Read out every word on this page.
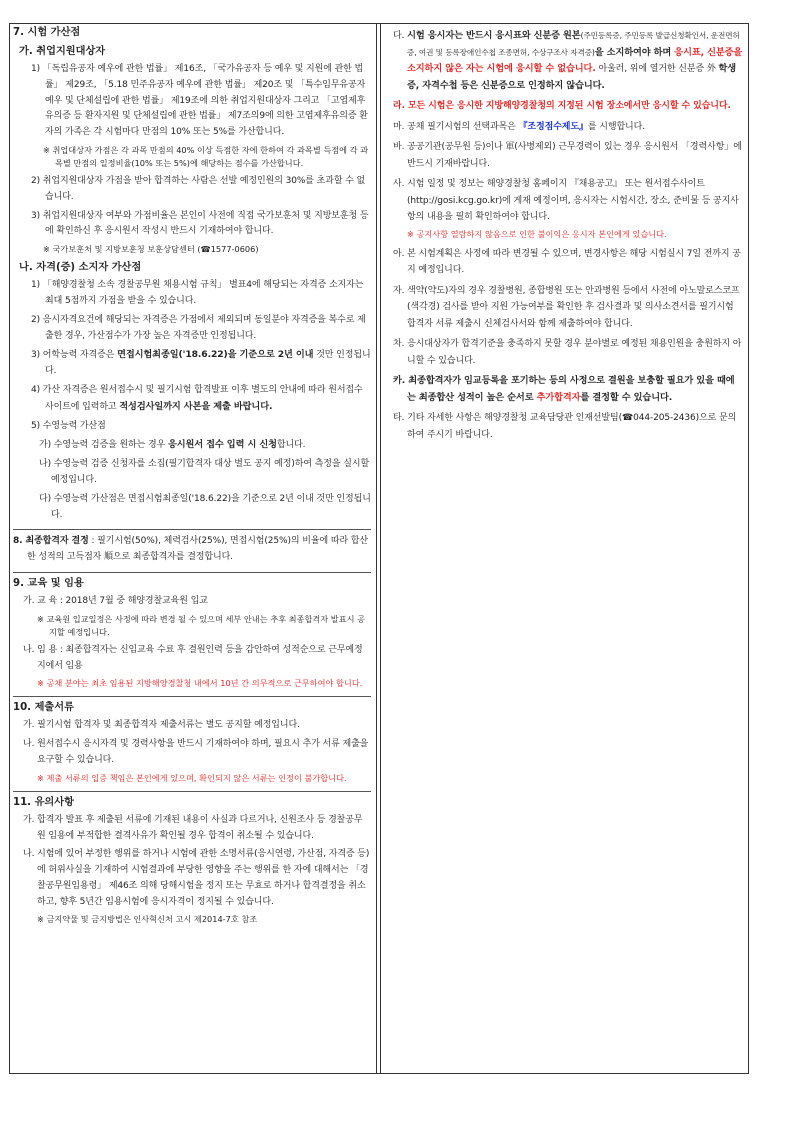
7. 시험 가산점
가. 취업지원대상자

1) 「독립유공자 예우에 관한 법률」 제16조, 「국가유공자 등 예우 및 지원에 관한 법률」 제29조, 「5.18 민주유공자 예우에 관한 법률」 제20조 및 「특수임무유공자 예우 및 단체설립에 관한 법률」 제19조에 의한 취업지원대상자 그리고 「고엽제후유의증 등 환자지원 및 단체설립에 관한 법률」 제7조의9에 의한 고엽제후유의증 환자의 가족은 각 시험마다 만점의 10% 또는 5%를 가산합니다.

※ 취업대상자 가점은 각 과목 만점의 40% 이상 득점한 자에 한하여 각 과목별 득점에 각 과목별 만점의 일정비율(10% 또는 5%)에 해당하는 점수를 가산합니다.

2) 취업지원대상자 가점을 받아 합격하는 사람은 선발 예정인원의 30%를 초과할 수 없습니다.

3) 취업지원대상자 여부와 가점비율은 본인이 사전에 직접 국가보훈처 및 지방보훈청 등에 확인하신 후 응시원서 작성시 반드시 기재하여야 합니다.

※ 국가보훈처 및 지방보훈청 보훈상담센터 (☎1577-0606)

나. 자격(증) 소지자 가산점

1) 「해양경찰청 소속 경찰공무원 채용시험 규칙」 별표4에 해당되는 자격증 소지자는 최대 5점까지 가점을 받을 수 있습니다.

2) 응시자격요건에 해당되는 자격증은 가점에서 제외되며 동일분야 자격증을 복수로 제출한 경우, 가산점수가 가장 높은 자격증만 인정됩니다.

3) 어학능력 자격증은 면접시험최종일('18.6.22)을 기준으로 2년 이내 것만 인정됩니다.

4) 가산 자격증은 원서접수시 및 필기시험 합격발표 이후 별도의 안내에 따라 원서접수사이트에 입력하고 적성검사일까지 사본을 제출 바랍니다.

5) 수영능력 가산점

가) 수영능력 검증을 원하는 경우 응시원서 접수 입력 시 신청합니다.

나) 수영능력 검증 신청자를 소집(필기합격자 대상 별도 공지 예정)하여 측정을 실시할 예정입니다.

다) 수영능력 가산점은 면접시험최종일('18.6.22)을 기준으로 2년 이내 것만 인정됩니다.

8. 최종합격자 결정 : 필기시험(50%), 체력검사(25%), 면접시험(25%)의 비율에 따라 합산한 성적의 고득점자 順으로 최종합격자를 결정합니다.

9. 교육 및 임용

가. 교 육 : 2018년 7월 중 해양경찰교육원 입교

※ 교육원 입교일정은 사정에 따라 변경 될 수 있으며 세부 안내는 추후 최종합격자 발표시 공지할 예정입니다.

나. 임 용 : 최종합격자는 신임교육 수료 후 결원인력 등을 감안하여 성적순으로 근무예정지에서 임용

※ 공채 분야는 최초 임용된 지방해양경찰청 내에서 10년 간 의무적으로 근무하여야 합니다.

10. 제출서류

가. 필기시험 합격자 및 최종합격자 제출서류는 별도 공지할 예정입니다.

나. 원서접수시 응시자격 및 경력사항을 반드시 기재하여야 하며, 필요시 추가 서류 제출을 요구할 수 있습니다.

※ 제출 서류의 입증 책임은 본인에게 있으며, 확인되지 않은 서류는 인정이 불가합니다.

11. 유의사항

가. 합격자 발표 후 제출된 서류에 기재된 내용이 사실과 다르거나, 신원조사 등 경찰공무원 임용에 부적합한 결격사유가 확인될 경우 합격이 취소될 수 있습니다.

나. 시험에 있어 부정한 행위를 하거나 시험에 관한 소명서류(응시연령, 가산점, 자격증 등)에 허위사실을 기재하여 시험결과에 부당한 영향을 주는 행위를 한 자에 대해서는 「경찰공무원임용령」 제46조 의해 당해시험을 정지 또는 무효로 하거나 합격결정을 취소하고, 향후 5년간 임용시험에 응시자격이 정지될 수 있습니다.

※ 금지약물 및 금지방법은 인사혁신처 고시 제2014-7호 참조

다. 시험 응시자는 반드시 응시표와 신분증 원본(주민등록증, 주민등록 발급신청확인서, 운전면허증, 여권 및 등록장애인수첩 조종면허, 수상구조사 자격증)을 소지하여야 하며 응시표, 신분증을 소지하지 않은 자는 시험에 응시할 수 없습니다. 아울러, 위에 열거한 신분증 外 학생증, 자격수첩 등은 신분증으로 인정하지 않습니다.

라. 모든 시험은 응시한 지방해양경찰청의 지정된 시험 장소에서만 응시할 수 있습니다.

마. 공채 필기시험의 선택과목은 『조정점수제도』를 시행합니다.

바. 공공기관(공무원 등)이나 軍(사병제외) 근무경력이 있는 경우 응시원서 「경력사항」에 반드시 기재바랍니다.

사. 시험 일정 및 정보는 해양경찰청 홈페이지 『채용공고』 또는 원서접수사이트(http://gosi.kcg.go.kr)에 게재 예정이며, 응시자는 시험시간, 장소, 준비물 등 공지사항의 내용을 필히 확인하여야 합니다.

※ 공지사항 열람하지 않음으로 인한 불이익은 응시자 본인에게 있습니다.

아. 본 시험계획은 사정에 따라 변경될 수 있으며, 변경사항은 해당 시험실시 7일 전까지 공지 예정입니다.

자. 색약(약도)자의 경우 경찰병원, 종합병원 또는 안과병원 등에서 사전에 아노말로스코프(색각경) 검사를 받아 지원 가능여부를 확인한 후 검사결과 및 의사소견서를 필기시험 합격자 서류 제출시 신체검사서와 함께 제출하여야 합니다.

차. 응시대상자가 합격기준을 충족하지 못할 경우 분야별로 예정된 채용인원을 충원하지 아니할 수 있습니다.

카. 최종합격자가 임교등록을 포기하는 등의 사정으로 결원을 보충할 필요가 있을 때에는 최종합산 성적이 높은 순서로 추가합격자를 결정할 수 있습니다.

타. 기타 자세한 사항은 해양경찰청 교육담당관 인재선발팀(☎044-205-2436)으로 문의하여 주시기 바랍니다.
